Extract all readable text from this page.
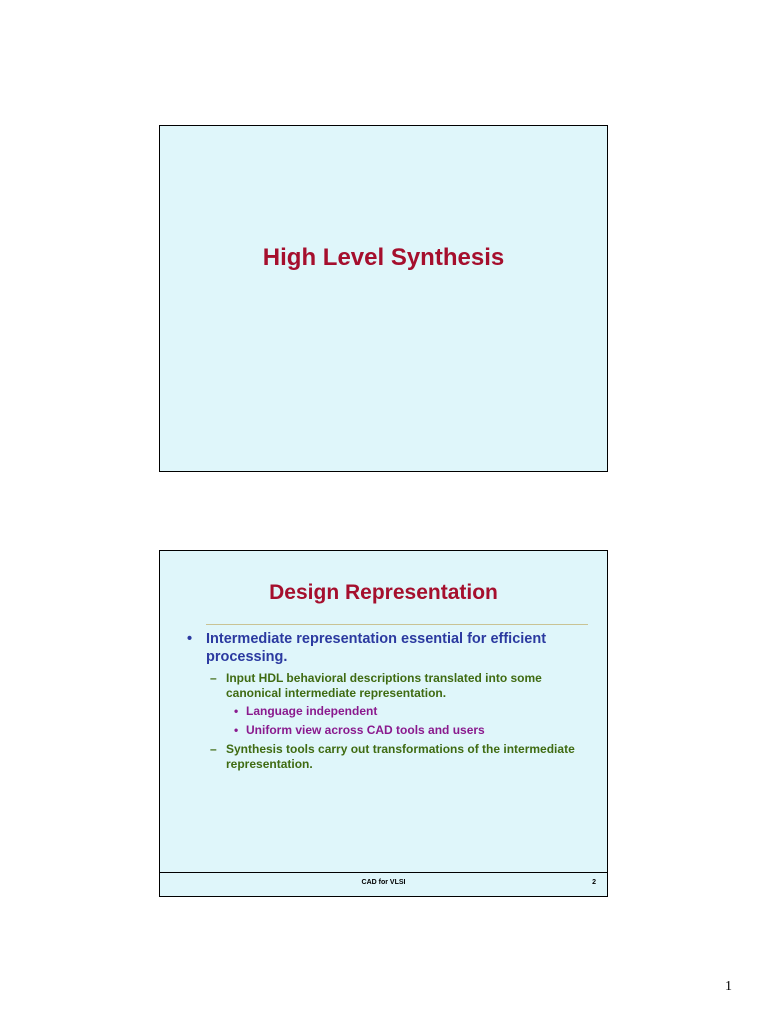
High Level Synthesis
Design Representation
• Intermediate representation essential for efficient processing.
– Input HDL behavioral descriptions translated into some canonical intermediate representation.
• Language independent
• Uniform view across CAD tools and users
– Synthesis tools carry out transformations of the intermediate representation.
CAD for VLSI	2
1
